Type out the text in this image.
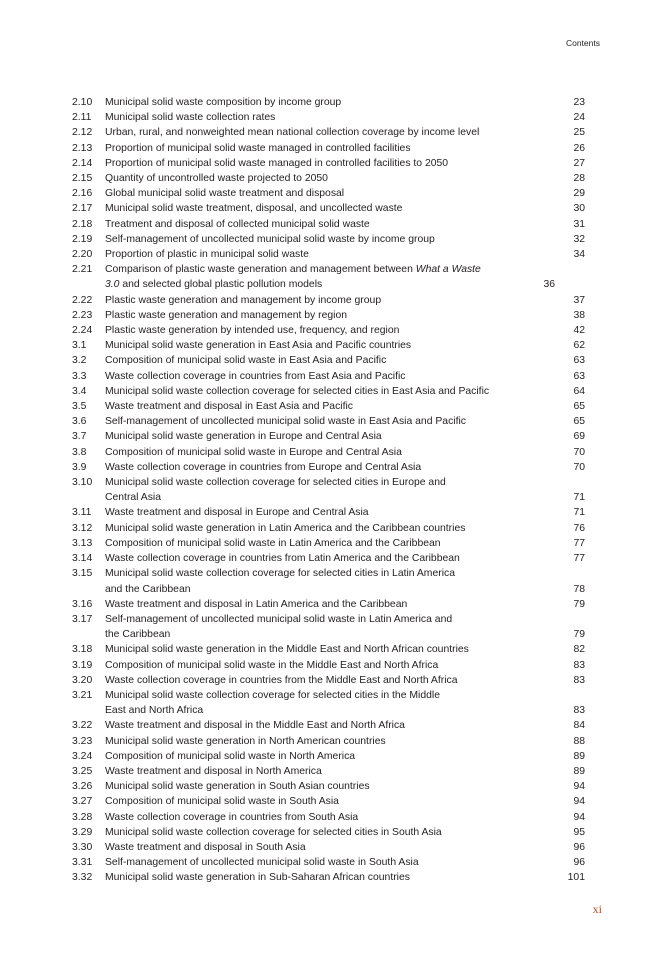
Contents
2.10	Municipal solid waste composition by income group	23
2.11	Municipal solid waste collection rates	24
2.12	Urban, rural, and nonweighted mean national collection coverage by income level	25
2.13	Proportion of municipal solid waste managed in controlled facilities	26
2.14	Proportion of municipal solid waste managed in controlled facilities to 2050	27
2.15	Quantity of uncontrolled waste projected to 2050	28
2.16	Global municipal solid waste treatment and disposal	29
2.17	Municipal solid waste treatment, disposal, and uncollected waste	30
2.18	Treatment and disposal of collected municipal solid waste	31
2.19	Self-management of uncollected municipal solid waste by income group	32
2.20	Proportion of plastic in municipal solid waste	34
2.21	Comparison of plastic waste generation and management between What a Waste 3.0 and selected global plastic pollution models	36
2.22	Plastic waste generation and management by income group	37
2.23	Plastic waste generation and management by region	38
2.24	Plastic waste generation by intended use, frequency, and region	42
3.1	Municipal solid waste generation in East Asia and Pacific countries	62
3.2	Composition of municipal solid waste in East Asia and Pacific	63
3.3	Waste collection coverage in countries from East Asia and Pacific	63
3.4	Municipal solid waste collection coverage for selected cities in East Asia and Pacific	64
3.5	Waste treatment and disposal in East Asia and Pacific	65
3.6	Self-management of uncollected municipal solid waste in East Asia and Pacific	65
3.7	Municipal solid waste generation in Europe and Central Asia	69
3.8	Composition of municipal solid waste in Europe and Central Asia	70
3.9	Waste collection coverage in countries from Europe and Central Asia	70
3.10	Municipal solid waste collection coverage for selected cities in Europe and
Central Asia	71
3.11	Waste treatment and disposal in Europe and Central Asia	71
3.12	Municipal solid waste generation in Latin America and the Caribbean countries	76
3.13	Composition of municipal solid waste in Latin America and the Caribbean	77
3.14	Waste collection coverage in countries from Latin America and the Caribbean	77
3.15	Municipal solid waste collection coverage for selected cities in Latin America
and the Caribbean	78
3.16	Waste treatment and disposal in Latin America and the Caribbean	79
3.17	Self-management of uncollected municipal solid waste in Latin America and
the Caribbean	79
3.18	Municipal solid waste generation in the Middle East and North African countries	82
3.19	Composition of municipal solid waste in the Middle East and North Africa	83
3.20	Waste collection coverage in countries from the Middle East and North Africa	83
3.21	Municipal solid waste collection coverage for selected cities in the Middle
East and North Africa	83
3.22	Waste treatment and disposal in the Middle East and North Africa	84
3.23	Municipal solid waste generation in North American countries	88
3.24	Composition of municipal solid waste in North America	89
3.25	Waste treatment and disposal in North America	89
3.26	Municipal solid waste generation in South Asian countries	94
3.27	Composition of municipal solid waste in South Asia	94
3.28	Waste collection coverage in countries from South Asia	94
3.29	Municipal solid waste collection coverage for selected cities in South Asia	95
3.30	Waste treatment and disposal in South Asia	96
3.31	Self-management of uncollected municipal solid waste in South Asia	96
3.32	Municipal solid waste generation in Sub-Saharan African countries	101
xi
